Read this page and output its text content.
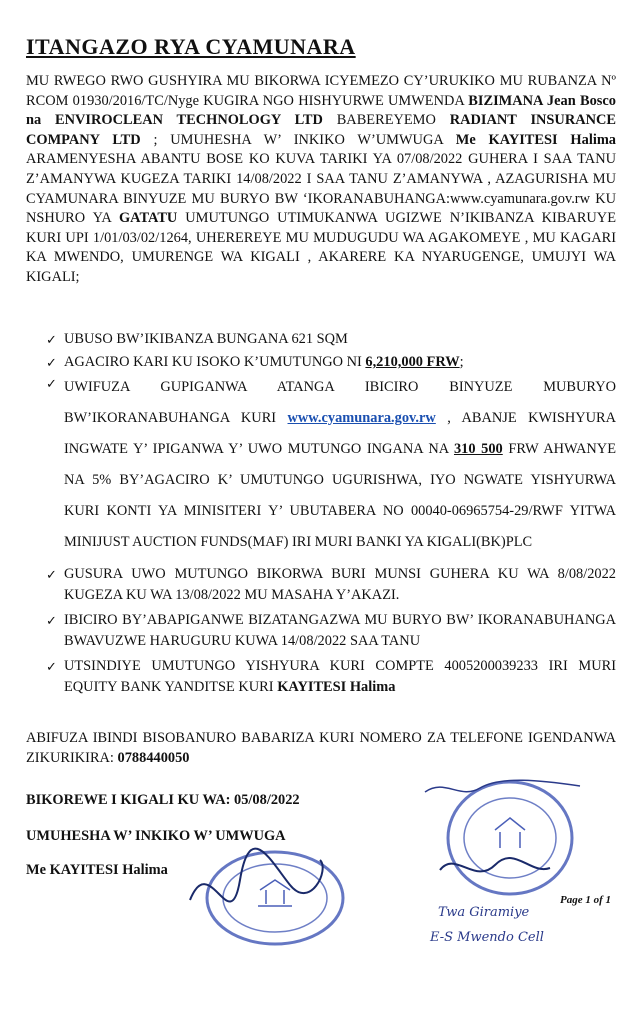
ITANGAZO RYA CYAMUNARA
MU RWEGO RWO GUSHYIRA MU BIKORWA ICYEMEZO CY’URUKIKO MU RUBANZA Nº RCOM 01930/2016/TC/Nyge KUGIRA NGO HISHYURWE UMWENDA BIZIMANA Jean Bosco na ENVIROCLEAN TECHNOLOGY LTD BABEREYEMO RADIANT INSURANCE COMPANY LTD ; UMUHESHA W’ INKIKO W’UMWUGA Me KAYITESI Halima ARAMENYESHA ABANTU BOSE KO KUVA TARIKI YA 07/08/2022 GUHERA I SAA TANU Z’AMANYWA KUGEZA TARIKI 14/08/2022 I SAA TANU Z’AMANYWA , AZAGURISHA MU CYAMUNARA BINYUZE MU BURYO BW ‘IKORANABUHANGA:www.cyamunara.gov.rw KU NSHURO YA GATATU UMUTUNGO UTIMUKANWA UGIZWE N’IKIBANZA KIBARUYE KURI UPI 1/01/03/02/1264, UHEREREYE MU MUDUGUDU WA AGAKOMEYE , MU KAGARI KA MWENDO, UMURENGE WA KIGALI , AKARERE KA NYARUGENGE, UMUJYI WA KIGALI;
✓ UBUSO BW’IKIBANZA BUNGANA 621 SQM
✓ AGACIRO KARI KU ISOKO K’UMUTUNGO NI 6,210,000 FRW;
✓ UWIFUZA GUPIGANWA ATANGA IBICIRO BINYUZE MUBURYO BW’IKORANABUHANGA KURI www.cyamunara.gov.rw , ABANJE KWISHYURA INGWATE Y’ IPIGANWA Y’ UWO MUTUNGO INGANA NA 310 500 FRW AHWANYE NA 5% BY’AGACIRO K’ UMUTUNGO UGURISHWA, IYO NGWATE YISHYURWA KURI KONTI YA MINISITERI Y’ UBUTABERA NO 00040-06965754-29/RWF YITWA MINIJUST AUCTION FUNDS(MAF) IRI MURI BANKI YA KIGALI(BK)PLC
✓ GUSURA UWO MUTUNGO BIKORWA BURI MUNSI GUHERA KU WA 8/08/2022 KUGEZA KU WA 13/08/2022 MU MASAHA Y’AKAZI.
✓ IBICIRO BY’ABAPIGANWE BIZATANGAZWA MU BURYO BW’ IKORANABUHANGA BWAVUZWE HARUGURU KUWA 14/08/2022 SAA TANU
✓ UTSINDIYE UMUTUNGO YISHYURA KURI COMPTE 4005200039233 IRI MURI EQUITY BANK YANDITSE KURI KAYITESI Halima
ABIFUZA IBINDI BISOBANURO BABARIZA KURI NOMERO ZA TELEFONE IGENDANWA ZIKURIKIRA: 0788440050
BIKOREWE I KIGALI KU WA: 05/08/2022
UMUHESHA W’ INKIKO W’ UMWUGA
Me KAYITESI Halima
Twa Giramiye
E-S Mwendo Cell
Page 1 of 1
